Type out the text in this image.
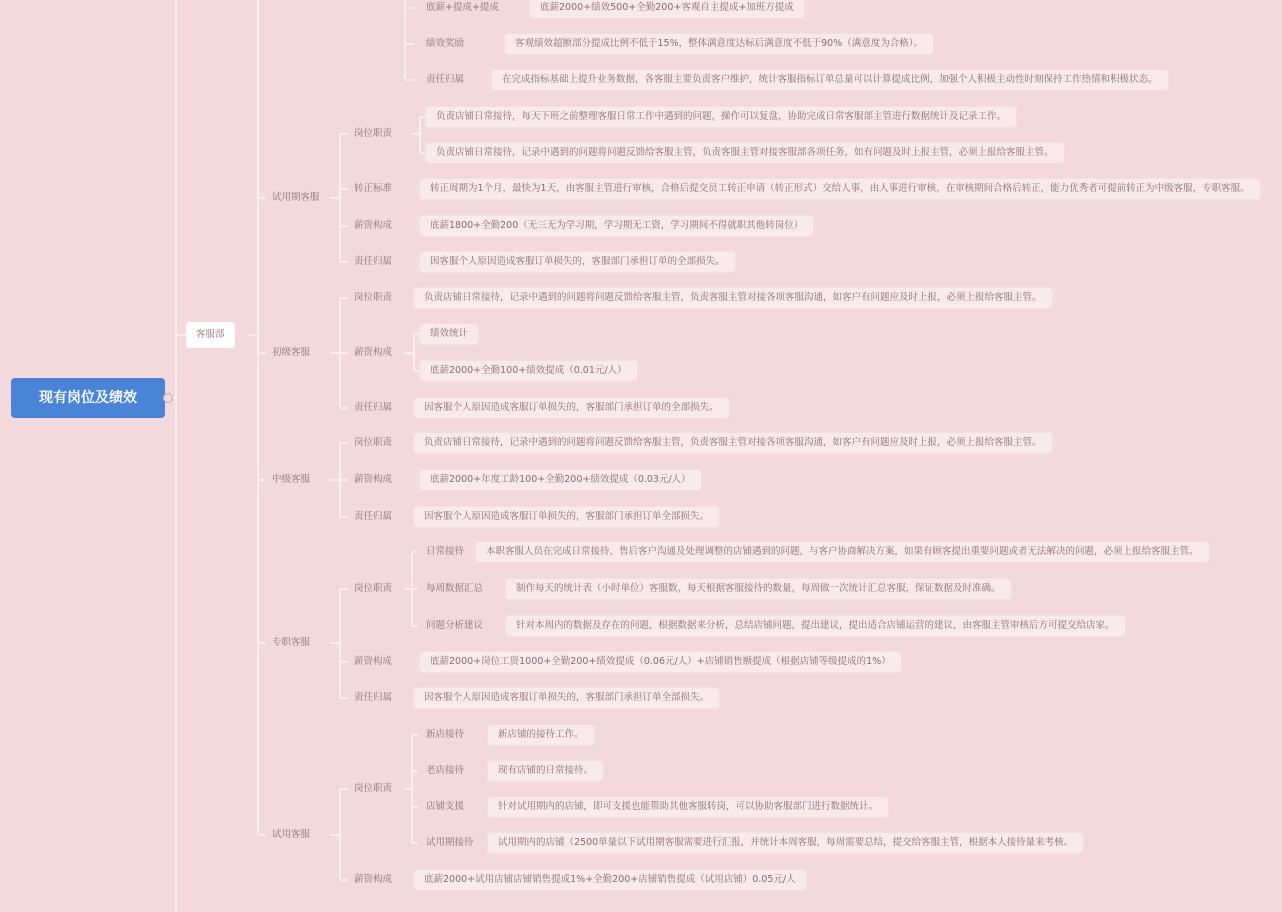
现有岗位及绩效
客服部
试用期客服
初级客服
中级客服
专职客服
试用客服
底薪+提成+提成	底薪2000+绩效500+全勤200+客观自主提成+加班方提成
绩效奖励	客观绩效超额部分提成比例不低于15%，整体满意度达标后满意度不低于90%（满意度为合格）。
责任归属	在完成指标基础上提升业务数据，各客服主要负责客户维护，统计客服指标订单总量可以计算提成比例，加强个人积极主动性时刻保持工作热情和积极状态。
岗位职责
负责店铺日常接待，每天下班之前整理客服日常工作中遇到的问题，操作可以复盘，协助完成日常客服部主管进行数据统计及记录工作。
负责店铺日常接待，记录中遇到的问题将问题反馈给客服主管，负责客服主管对接客服部各项任务，如有问题及时上报主管，必须上报给客服主管。
转正标准	转正周期为1个月，最快为1天，由客服主管进行审核，合格后提交员工转正申请（转正形式）交给人事，由人事进行审核，在审核期间合格后转正，能力优秀者可提前转正为中级客服，专职客服。
薪资构成	底薪1800+全勤200（无三无为学习期，学习期无工资，学习期间不得就职其他转岗位）
责任归属	因客服个人原因造成客服订单损失的，客服部门承担订单的全部损失。
岗位职责	负责店铺日常接待，记录中遇到的问题将问题反馈给客服主管，负责客服主管对接各项客服沟通，如客户有问题应及时上报，必须上报给客服主管。
薪资构成
绩效统计
底薪2000+全勤100+绩效提成（0.01元/人）
责任归属	因客服个人原因造成客服订单损失的，客服部门承担订单的全部损失。
岗位职责	负责店铺日常接待，记录中遇到的问题将问题反馈给客服主管，负责客服主管对接各项客服沟通，如客户有问题应及时上报，必须上报给客服主管。
薪资构成	底薪2000+年度工龄100+全勤200+绩效提成（0.03元/人）
责任归属	因客服个人原因造成客服订单损失的，客服部门承担订单全部损失。
岗位职责
日常接待	本职客服人员在完成日常接待、售后客户沟通及处理调整的店铺遇到的问题，与客户协商解决方案，如果有顾客提出重要问题或者无法解决的问题，必须上报给客服主管。
每周数据汇总	制作每天的统计表（小时单位）客服数，每天根据客服接待的数量，每周做一次统计汇总客服，保证数据及时准确。
问题分析建议	针对本周内的数据及存在的问题，根据数据来分析，总结店铺问题，提出建议，提出适合店铺运营的建议，由客服主管审核后方可提交给店家。
薪资构成	底薪2000+岗位工资1000+全勤200+绩效提成（0.06元/人）+店铺销售额提成（根据店铺等级提成的1%）
责任归属	因客服个人原因造成客服订单损失的，客服部门承担订单全部损失。
岗位职责
新店接待	新店铺的接待工作。
老店接待	现有店铺的日常接待。
店铺支援	针对试用期内的店铺，即可支援也能帮助其他客服转岗，可以协助客服部门进行数据统计。
试用期接待	试用期内的店铺（2500单量以下试用期客服需要进行汇报，并统计本周客服，每周需要总结，提交给客服主管，根据本人接待量来考核。
薪资构成	底薪2000+试用店铺店铺销售提成1%+全勤200+店铺销售提成（试用店铺）0.05元/人
